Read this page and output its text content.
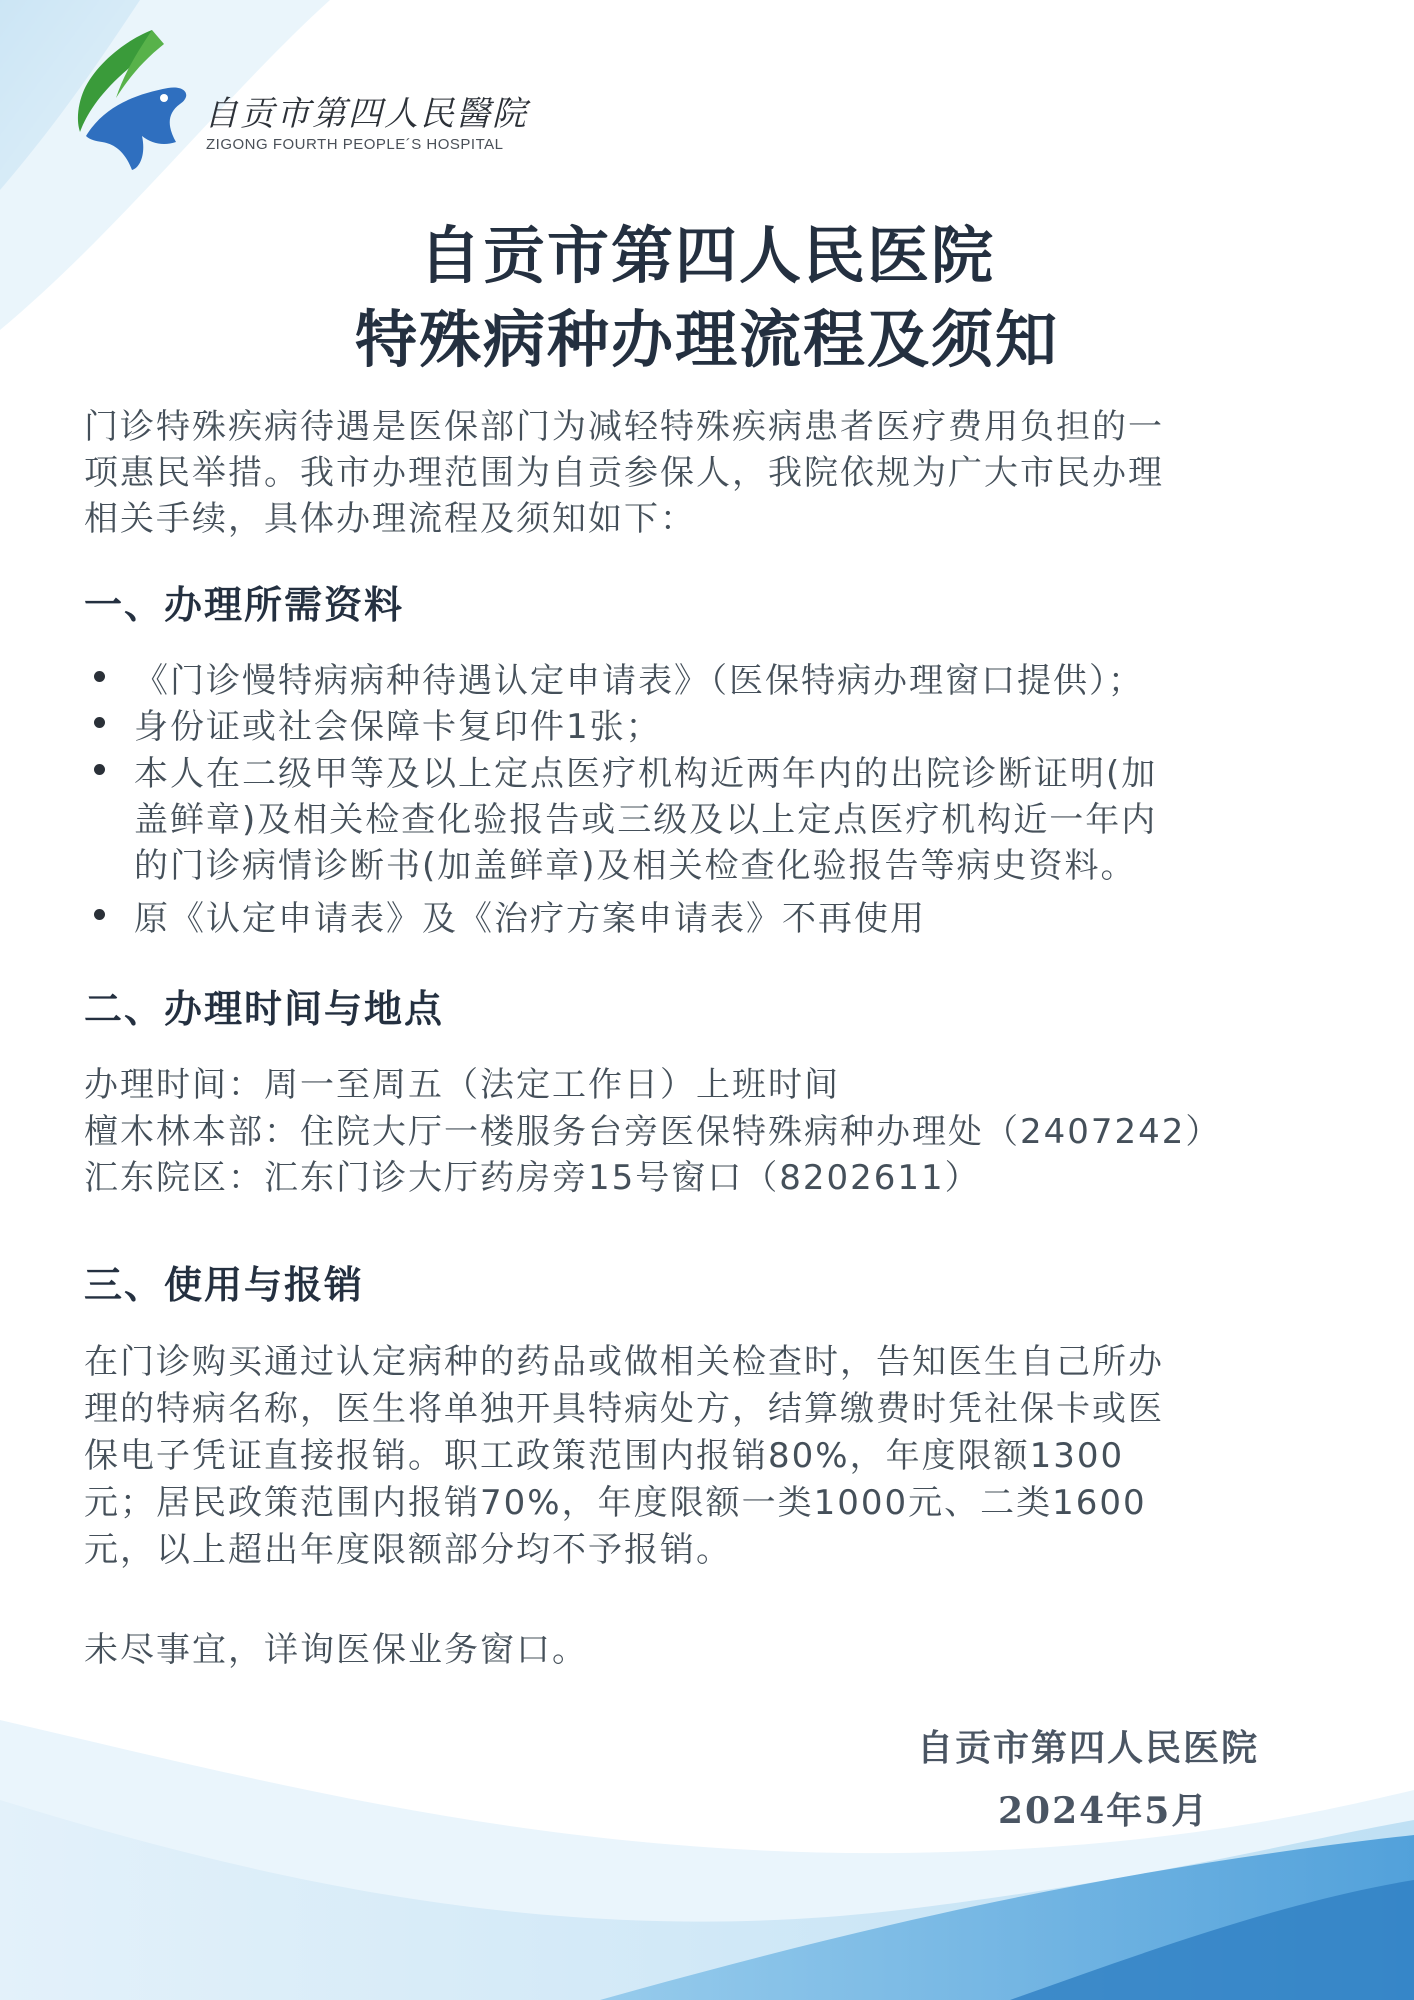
自贡市第四人民醫院
ZIGONG FOURTH PEOPLE´S HOSPITAL
自贡市第四人民医院
特殊病种办理流程及须知
门诊特殊疾病待遇是医保部门为减轻特殊疾病患者医疗费用负担的一
项惠民举措。我市办理范围为自贡参保人，我院依规为广大市民办理
相关手续，具体办理流程及须知如下：
一、办理所需资料
《门诊慢特病病种待遇认定申请表》（医保特病办理窗口提供）；
身份证或社会保障卡复印件1张；
本人在二级甲等及以上定点医疗机构近两年内的出院诊断证明(加
盖鲜章)及相关检查化验报告或三级及以上定点医疗机构近一年内
的门诊病情诊断书(加盖鲜章)及相关检查化验报告等病史资料。
原《认定申请表》及《治疗方案申请表》不再使用
二、办理时间与地点
办理时间：周一至周五（法定工作日）上班时间
檀木林本部：住院大厅一楼服务台旁医保特殊病种办理处（2407242）
汇东院区：汇东门诊大厅药房旁15号窗口（8202611）
三、使用与报销
在门诊购买通过认定病种的药品或做相关检查时，告知医生自己所办
理的特病名称，医生将单独开具特病处方，结算缴费时凭社保卡或医
保电子凭证直接报销。职工政策范围内报销80%，年度限额1300
元；居民政策范围内报销70%，年度限额一类1000元、二类1600
元，以上超出年度限额部分均不予报销。
未尽事宜，详询医保业务窗口。
自贡市第四人民医院
2024年5月
